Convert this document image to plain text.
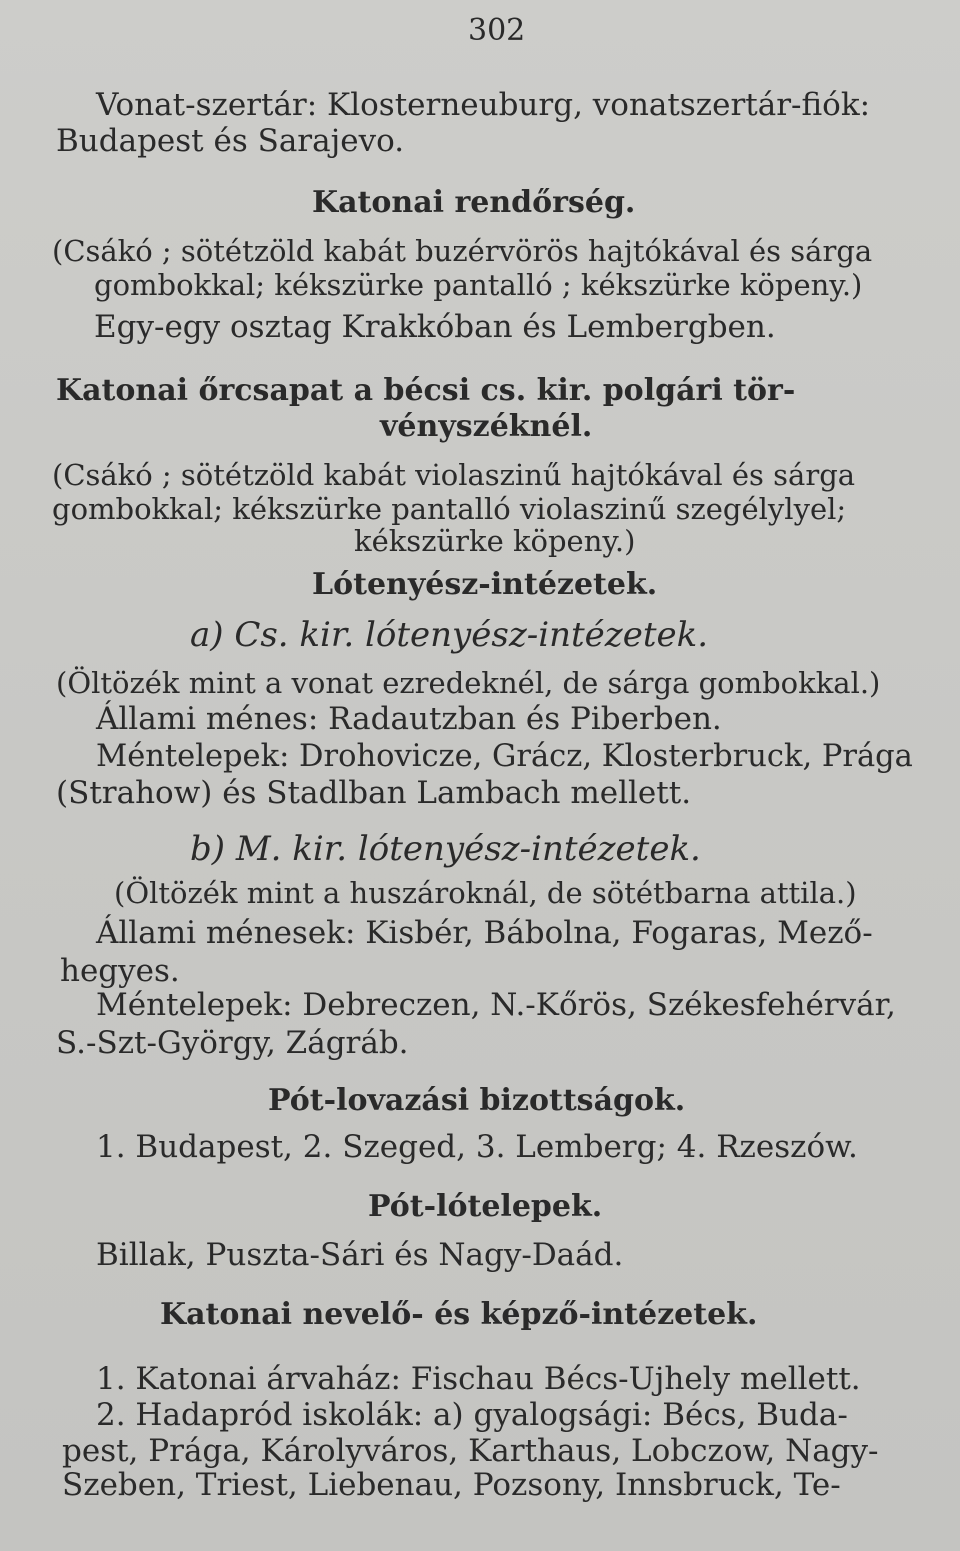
302
Vonat-szertár: Klosterneuburg, vonatszertár-fiók:
Budapest és Sarajevo.
Katonai rendőrség.
(Csákó ; sötétzöld kabát buzérvörös hajtókával és sárga
gombokkal; kékszürke pantalló ; kékszürke köpeny.)
Egy-egy osztag Krakkóban és Lembergben.
Katonai őrcsapat a bécsi cs. kir. polgári tör-
vényszéknél.
(Csákó ; sötétzöld kabát violaszinű hajtókával és sárga
gombokkal; kékszürke pantalló violaszinű szegélylyel;
kékszürke köpeny.)
Lótenyész-intézetek.
a) Cs. kir. lótenyész-intézetek.
(Öltözék mint a vonat ezredeknél, de sárga gombokkal.)
Állami ménes: Radautzban és Piberben.
Méntelepek: Drohovicze, Grácz, Klosterbruck, Prága
(Strahow) és Stadlban Lambach mellett.
b) M. kir. lótenyész-intézetek.
(Öltözék mint a huszároknál, de sötétbarna attila.)
Állami ménesek: Kisbér, Bábolna, Fogaras, Mező-
hegyes.
Méntelepek: Debreczen, N.-Kőrös, Székesfehérvár,
S.-Szt-György, Zágráb.
Pót-lovazási bizottságok.
1. Budapest, 2. Szeged, 3. Lemberg; 4. Rzeszów.
Pót-lótelepek.
Billak, Puszta-Sári és Nagy-Daád.
Katonai nevelő- és képző-intézetek.
1. Katonai árvaház: Fischau Bécs-Ujhely mellett.
2. Hadapród iskolák: a) gyalogsági: Bécs, Buda-
pest, Prága, Károlyváros, Karthaus, Lobczow, Nagy-
Szeben, Triest, Liebenau, Pozsony, Innsbruck, Te-
